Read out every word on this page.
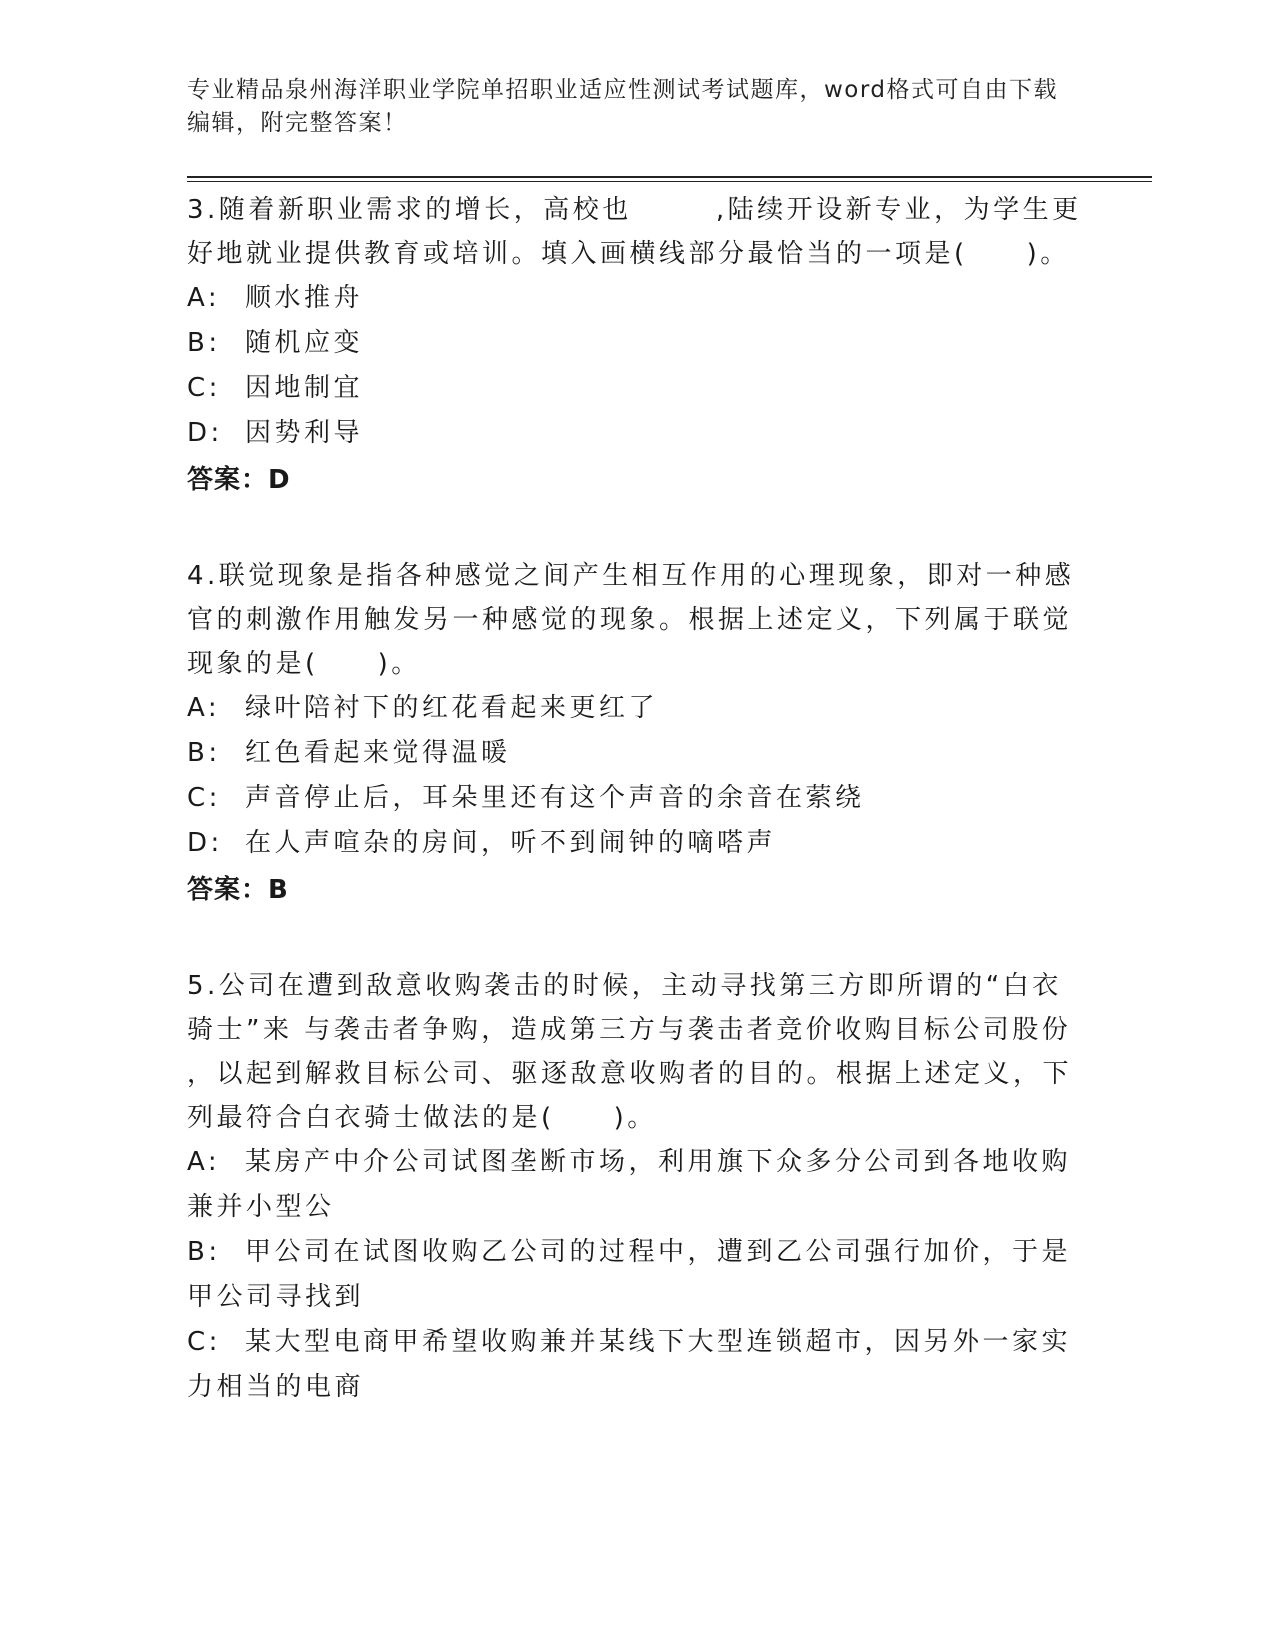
专业精品泉州海洋职业学院单招职业适应性测试考试题库，word格式可自由下载
编辑，附完整答案！
3.随着新职业需求的增长，高校也	,陆续开设新专业，为学生更
好地就业提供教育或培训。填入画横线部分最恰当的一项是(　　)。
A: 顺水推舟
B: 随机应变
C: 因地制宜
D: 因势利导
答案：D
4.联觉现象是指各种感觉之间产生相互作用的心理现象，即对一种感
官的刺激作用触发另一种感觉的现象。根据上述定义，下列属于联觉
现象的是(　　)。
A: 绿叶陪衬下的红花看起来更红了
B: 红色看起来觉得温暖
C: 声音停止后，耳朵里还有这个声音的余音在萦绕
D: 在人声喧杂的房间，听不到闹钟的嘀嗒声
答案：B
5.公司在遭到敌意收购袭击的时候，主动寻找第三方即所谓的“白衣
骑士”来 与袭击者争购，造成第三方与袭击者竞价收购目标公司股份
，以起到解救目标公司、驱逐敌意收购者的目的。根据上述定义，下
列最符合白衣骑士做法的是(　　)。
A: 某房产中介公司试图垄断市场，利用旗下众多分公司到各地收购
兼并小型公
B: 甲公司在试图收购乙公司的过程中，遭到乙公司强行加价，于是
甲公司寻找到
C: 某大型电商甲希望收购兼并某线下大型连锁超市，因另外一家实
力相当的电商
